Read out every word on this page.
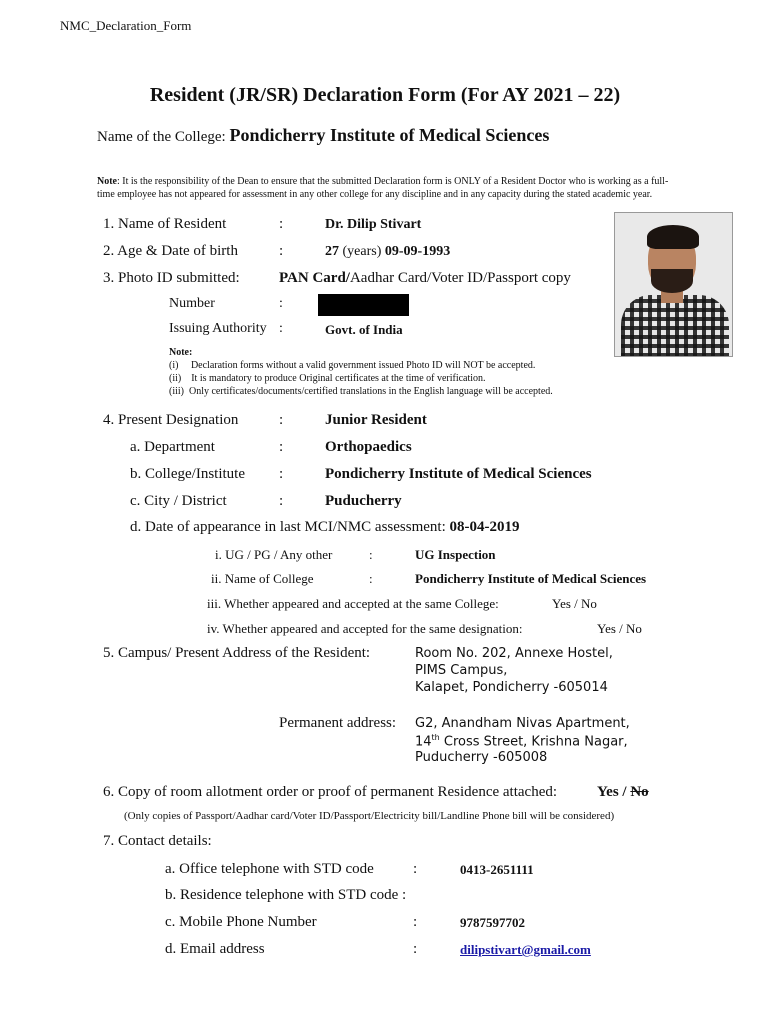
NMC_Declaration_Form
Resident (JR/SR) Declaration Form (For AY 2021 – 22)
Name of the College: Pondicherry Institute of Medical Sciences
Note: It is the responsibility of the Dean to ensure that the submitted Declaration form is ONLY of a Resident Doctor who is working as a full-
time employee has not appeared for assessment in any other college for any discipline and in any capacity during the stated academic year.
1. Name of Resident	:	Dr. Dilip Stivart
2. Age & Date of birth	:	27 (years) 09-09-1993
3. Photo ID submitted:	PAN Card/Aadhar Card/Voter ID/Passport copy
Number	:
Issuing Authority :	Govt. of India
Note:
(i)     Declaration forms without a valid government issued Photo ID will NOT be accepted.
(ii)    It is mandatory to produce Original certificates at the time of verification.
(iii)  Only certificates/documents/certified translations in the English language will be accepted.
4. Present Designation	:	Junior Resident
a. Department	:	Orthopaedics
b. College/Institute :	Pondicherry Institute of Medical Sciences
c. City / District	:	Puducherry
d. Date of appearance in last MCI/NMC assessment: 08-04-2019
i. UG / PG / Any other	:	UG Inspection
ii. Name of College	:	Pondicherry Institute of Medical Sciences
iii. Whether appeared and accepted at the same College:	Yes / No
iv. Whether appeared and accepted for the same designation:	Yes / No
5. Campus/ Present Address of the Resident:	Room No. 202, Annexe Hostel,
PIMS Campus,
Kalapet, Pondicherry -605014
Permanent address: G2, Anandham Nivas Apartment,
14th Cross Street, Krishna Nagar,
Puducherry -605008
6. Copy of room allotment order or proof of permanent Residence attached:	Yes / No
(Only copies of Passport/Aadhar card/Voter ID/Passport/Electricity bill/Landline Phone bill will be considered)
7. Contact details:
a. Office telephone with STD code	:	0413-2651111
b. Residence telephone with STD code :
c. Mobile Phone Number	:	9787597702
d. Email address	:	dilipstivart@gmail.com
